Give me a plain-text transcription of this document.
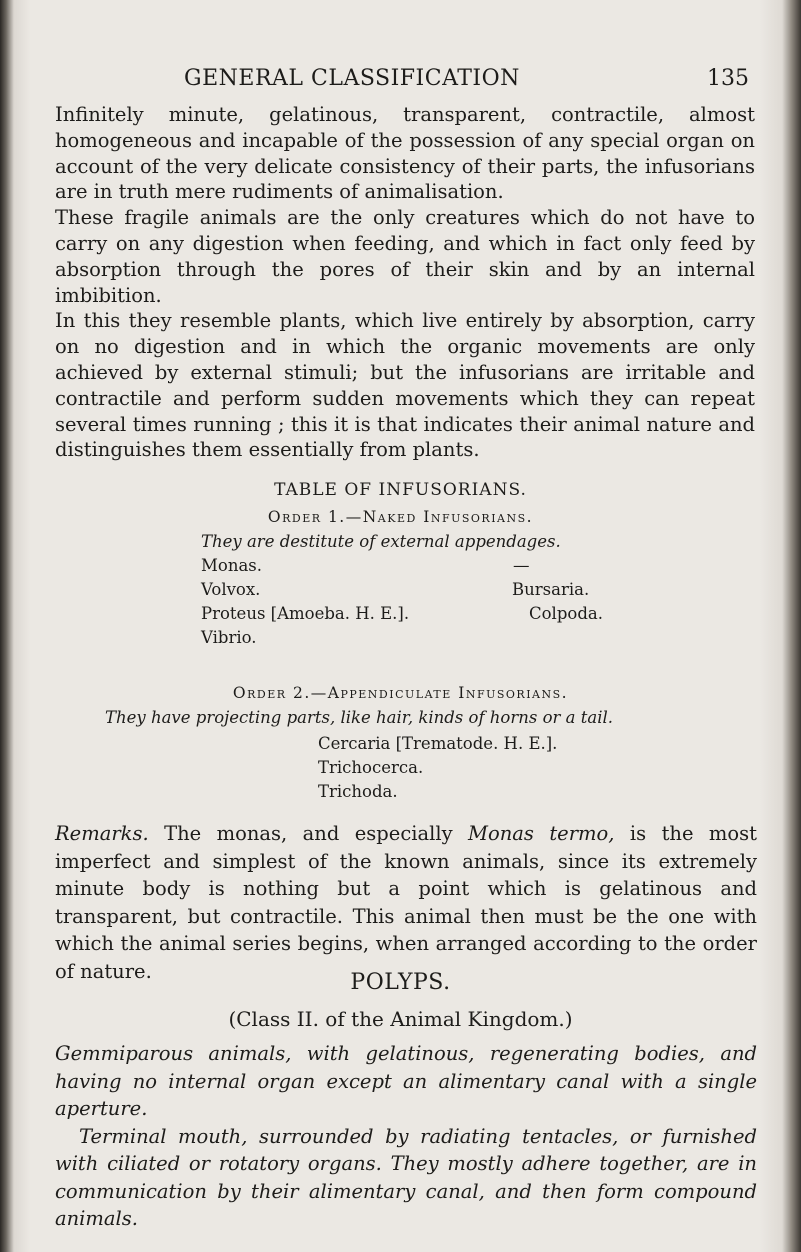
GENERAL CLASSIFICATION	135

Infinitely minute, gelatinous, transparent, contractile, almost homogeneous and incapable of the possession of any special organ on account of the very delicate consistency of their parts, the infusorians are in truth mere rudiments of animalisation.

These fragile animals are the only creatures which do not have to carry on any digestion when feeding, and which in fact only feed by absorption through the pores of their skin and by an internal imbibition.

In this they resemble plants, which live entirely by absorption, carry on no digestion and in which the organic movements are only achieved by external stimuli; but the infusorians are irritable and contractile and perform sudden movements which they can repeat several times running ; this it is that indicates their animal nature and distinguishes them essentially from plants.

TABLE OF INFUSORIANS.
Order 1.—Naked Infusorians.
They are destitute of external appendages.
Monas.
Volvox.
Proteus [Amoeba. H. E.].
Vibrio.
—
Bursaria.
Colpoda.
Order 2.—Appendiculate Infusorians.
They have projecting parts, like hair, kinds of horns or a tail.
Cercaria [Trematode. H. E.].
Trichocerca.
Trichoda.
Remarks. The monas, and especially Monas termo, is the most imperfect and simplest of the known animals, since its extremely minute body is nothing but a point which is gelatinous and transparent, but contractile. This animal then must be the one with which the animal series begins, when arranged according to the order of nature.	POLYPS.
(Class II. of the Animal Kingdom.)

Gemmiparous animals, with gelatinous, regenerating bodies, and having no internal organ except an alimentary canal with a single aperture.

Terminal mouth, surrounded by radiating tentacles, or furnished with ciliated or rotatory organs. They mostly adhere together, are in communication by their alimentary canal, and then form compound animals.
